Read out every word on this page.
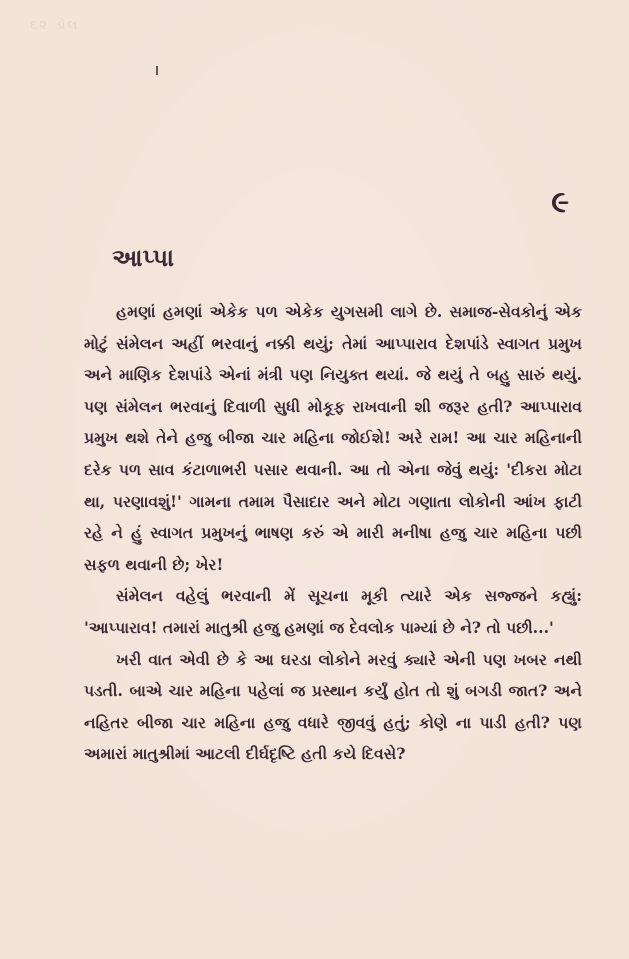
૬૨ ડોલ
૯
આપ્પા

હમણાં હમણાં એકેક પળ એકેક યુગસમી લાગે છે. સમાજ-સેવકોનું એક મોટું સંમેલન અહીં ભરવાનું નક્કી થયું; તેમાં આપ્પારાવ દેશપાંડે સ્વાગત પ્રમુખ અને માણિક દેશપાંડે એનાં મંત્રી પણ નિયુક્ત થયાં. જે થયું તે બહુ સારું થયું. પણ સંમેલન ભરવાનું દિવાળી સુધી મોકૂફ રાખવાની શી જરૂર હતી? આપ્પારાવ પ્રમુખ થશે તેને હજુ બીજા ચાર મહિના જોઈશે! અરે રામ! આ ચાર મહિનાની દરેક પળ સાવ કંટાળાભરી પસાર થવાની. આ તો એના જેવું થયું: 'દીકરા મોટા થા, પરણાવશું!' ગામના તમામ પૈસાદાર અને મોટા ગણાતા લોકોની આંખ ફાટી રહે ને હું સ્વાગત પ્રમુખનું ભાષણ કરું એ મારી મનીષા હજુ ચાર મહિના પછી સફળ થવાની છે; ખેર!

સંમેલન વહેલું ભરવાની મેં સૂચના મૂકી ત્યારે એક સજ્જને કહ્યું: 'આપ્પારાવ! તમારાં માતુશ્રી હજુ હમણાં જ દેવલોક પામ્યાં છે ને? તો પછી...'

ખરી વાત એવી છે કે આ ઘરડા લોકોને મરવું ક્યારે એની પણ ખબર નથી પડતી. બાએ ચાર મહિના પહેલાં જ પ્રસ્થાન કર્યું હોત તો શું બગડી જાત? અને નહિતર બીજા ચાર મહિના હજુ વધારે જીવવું હતું; કોણે ના પાડી હતી? પણ અમારાં માતુશ્રીમાં આટલી દીર્ઘદૃષ્ટિ હતી કયે દિવસે?
